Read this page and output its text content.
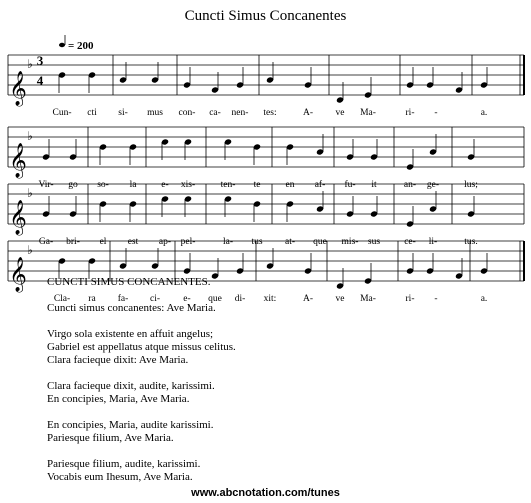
Cuncti Simus Concanentes
𝄞
♭ 3
4
= 200
Cun- cti si- mus con- ca- nen- tes:	A- ve Ma-	ri- -	a.
𝄞
♭
Vir- go so- la	e- xis-	ten- te	en af- fu- it	an- ge-	lus;
𝄞
♭
Ga- bri- el est ap- pel-	la- tus at- que mis- sus	ce- li-	tus.
𝄞
♭
Cla- ra fa- ci- e- que di- xit:	A- ve Ma-	ri- -	a.
CUNCTI SIMUS CONCANENTES.
Cuncti simus concanentes: Ave Maria.
Virgo sola existente en affuit angelus;
Gabriel est appellatus atque missus celitus.
Clara facieque dixit: Ave Maria.
Clara facieque dixit, audite, karissimi.
En concipies, Maria, Ave Maria.
En concipies, Maria, audite karissimi.
Pariesque filium, Ave Maria.
Pariesque filium, audite, karissimi.
Vocabis eum Ihesum, Ave Maria.
www.abcnotation.com/tunes
